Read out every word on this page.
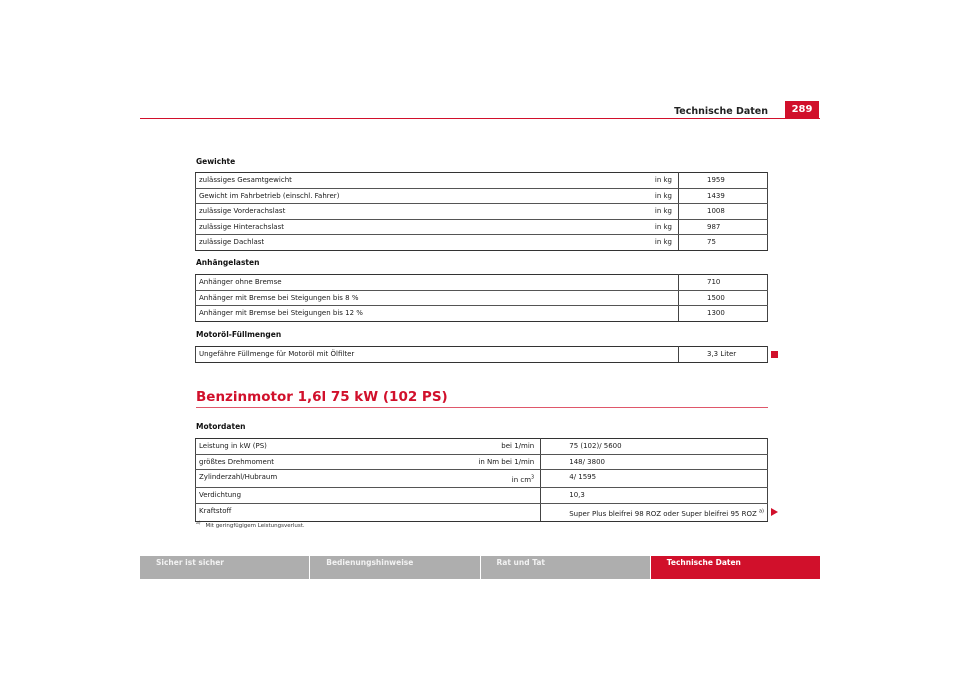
Technische Daten	289
Gewichte
zulässiges Gesamtgewicht	in kg	1959
Gewicht im Fahrbetrieb (einschl. Fahrer)	in kg	1439
zulässige Vorderachslast	in kg	1008
zulässige Hinterachslast	in kg	987
zulässige Dachlast	in kg	75
Anhängelasten
Anhänger ohne Bremse		710
Anhänger mit Bremse bei Steigungen bis 8 %		1500
Anhänger mit Bremse bei Steigungen bis 12 %		1300
Motoröl-Füllmengen
Ungefähre Füllmenge für Motoröl mit Ölfilter		3,3 Liter
Benzinmotor 1,6l 75 kW (102 PS)
Motordaten
Leistung in kW (PS)	bei 1/min	75 (102)/ 5600
größtes Drehmoment	in Nm bei 1/min	148/ 3800
Zylinderzahl/Hubraum	in $cm^3$	4/ 1595
Verdichtung		10,3
Kraftstoff		Super Plus bleifrei 98 ROZ oder Super bleifrei 95 ROZ $^{a)}$
$^{a)}$ Mit geringfügigem Leistungsverlust.
Sicher ist sicher	Bedienungshinweise	Rat und Tat	Technische Daten
